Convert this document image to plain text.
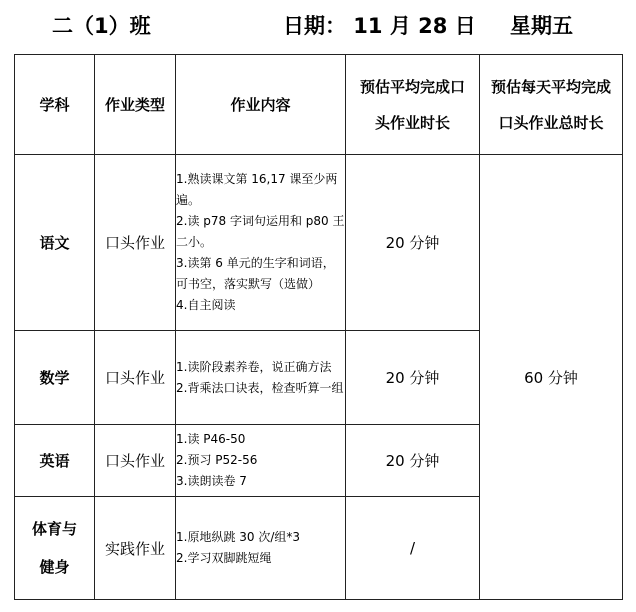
二（1）班	日期： 11 月 28 日 星期五
学科	作业类型	作业内容	预估平均完成口头作业时长	预估每天平均完成口头作业总时长
语文	口头作业	1.熟读课文第 16,17 课至少两遍。
2.读 p78 字词句运用和 p80 王二小。
3.读第 6 单元的生字和词语，可书空，落实默写（选做）
4.自主阅读	20 分钟	60 分钟
数学	口头作业	1.读阶段素养卷，说正确方法
2.背乘法口诀表，检查听算一组	20 分钟	
英语	口头作业	1.读 P46-50
2.预习 P52-56
3.读朗读卷 7	20 分钟	

体育与健身	实践作业	1.原地纵跳 30 次/组*3
2.学习双脚跳短绳	/	
